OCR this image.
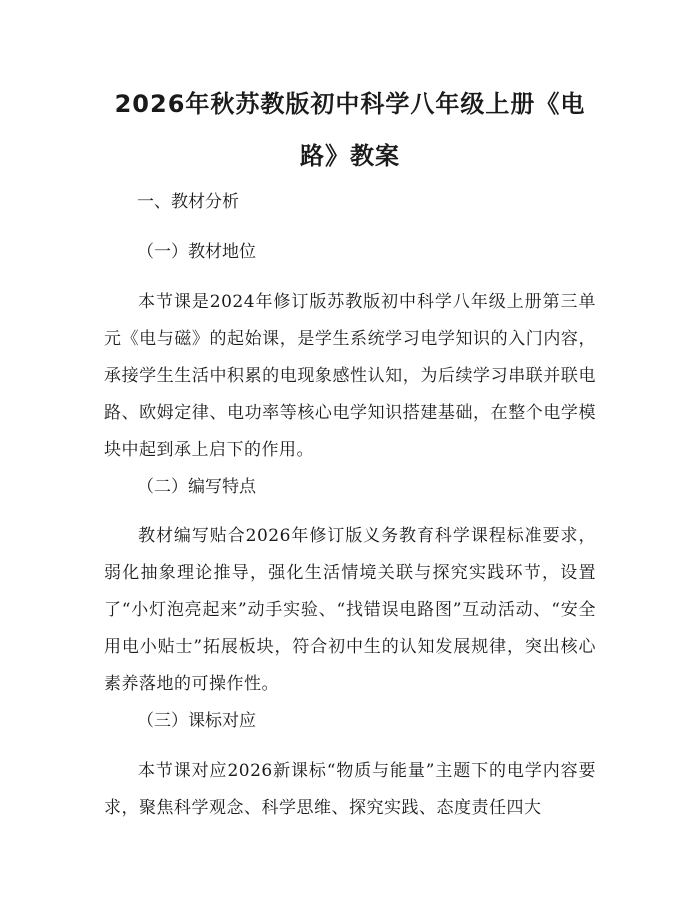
2026年秋苏教版初中科学八年级上册《电路》教案

一、教材分析

（一）教材地位

本节课是2024年修订版苏教版初中科学八年级上册第三单元《电与磁》的起始课，是学生系统学习电学知识的入门内容，承接学生生活中积累的电现象感性认知，为后续学习串联并联电路、欧姆定律、电功率等核心电学知识搭建基础，在整个电学模块中起到承上启下的作用。

（二）编写特点

教材编写贴合2026年修订版义务教育科学课程标准要求，弱化抽象理论推导，强化生活情境关联与探究实践环节，设置了“小灯泡亮起来”动手实验、“找错误电路图”互动活动、“安全用电小贴士”拓展板块，符合初中生的认知发展规律，突出核心素养落地的可操作性。

（三）课标对应

本节课对应2026新课标“物质与能量”主题下的电学内容要求，聚焦科学观念、科学思维、探究实践、态度责任四大
